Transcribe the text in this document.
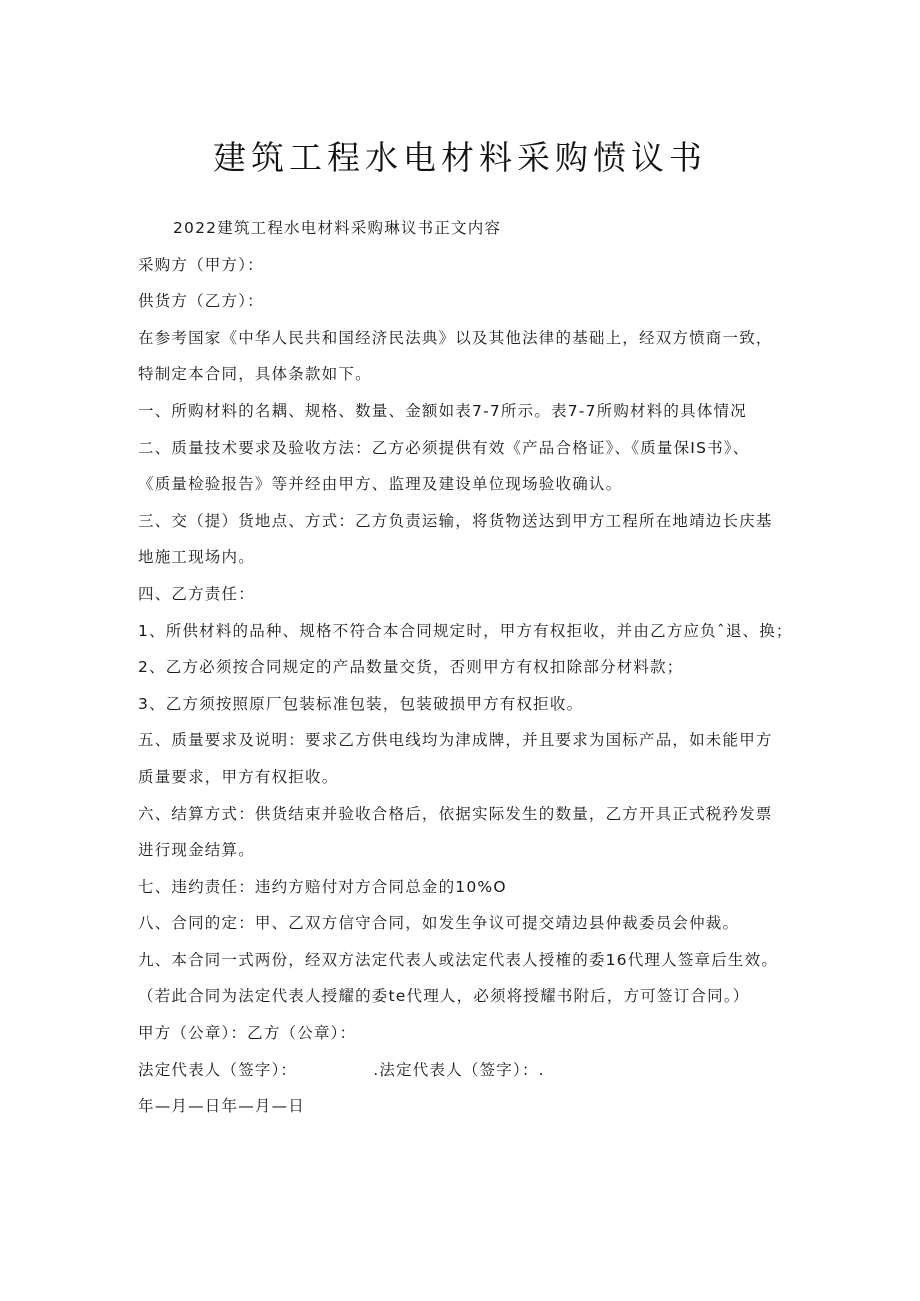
建筑工程水电材料采购愤议书

2022建筑工程水电材料采购琳议书正文内容

采购方（甲方）：

供货方（乙方）：

在参考国家《中华人民共和国经济民法典》以及其他法律的基础上，经双方愤商一致，

特制定本合同，具体条款如下。

一、所购材料的名耦、规格、数量、金额如表7-7所示。表7-7所购材料的具体情况

二、质量技术要求及验收方法：乙方必须提供有效《产品合格证》、《质量保IS书》、

《质量检验报告》等并经由甲方、监理及建设单位现场验收确认。

三、交（提）货地点、方式：乙方负责运输，将货物送达到甲方工程所在地靖边长庆基

地施工现场内。

四、乙方责任：

1、所供材料的品种、规格不符合本合同规定时，甲方有权拒收，并由乙方应负ˆ退、换；

2、乙方必须按合同规定的产品数量交货，否则甲方有权扣除部分材料款；

3、乙方须按照原厂包装标准包装，包装破损甲方有权拒收。

五、质量要求及说明：要求乙方供电线均为津成牌，并且要求为国标产品，如未能甲方

质量要求，甲方有权拒收。

六、结算方式：供货结束并验收合格后，依据实际发生的数量，乙方开具正式税矜发票

进行现金结算。

七、违约责任：违约方赔付对方合同总金的10%O

八、合同的定：甲、乙双方信守合同，如发生争议可提交靖边县仲裁委员会仲裁。

九、本合同一式两份，经双方法定代表人或法定代表人授榷的委16代理人签章后生效。

（若此合同为法定代表人授耀的委te代理人，必须将授耀书附后，方可签订合同。）

甲方（公章）：乙方（公章）：

法定代表人（签字）：	.法定代表人（签字）：.

年—月—日年—月—日
